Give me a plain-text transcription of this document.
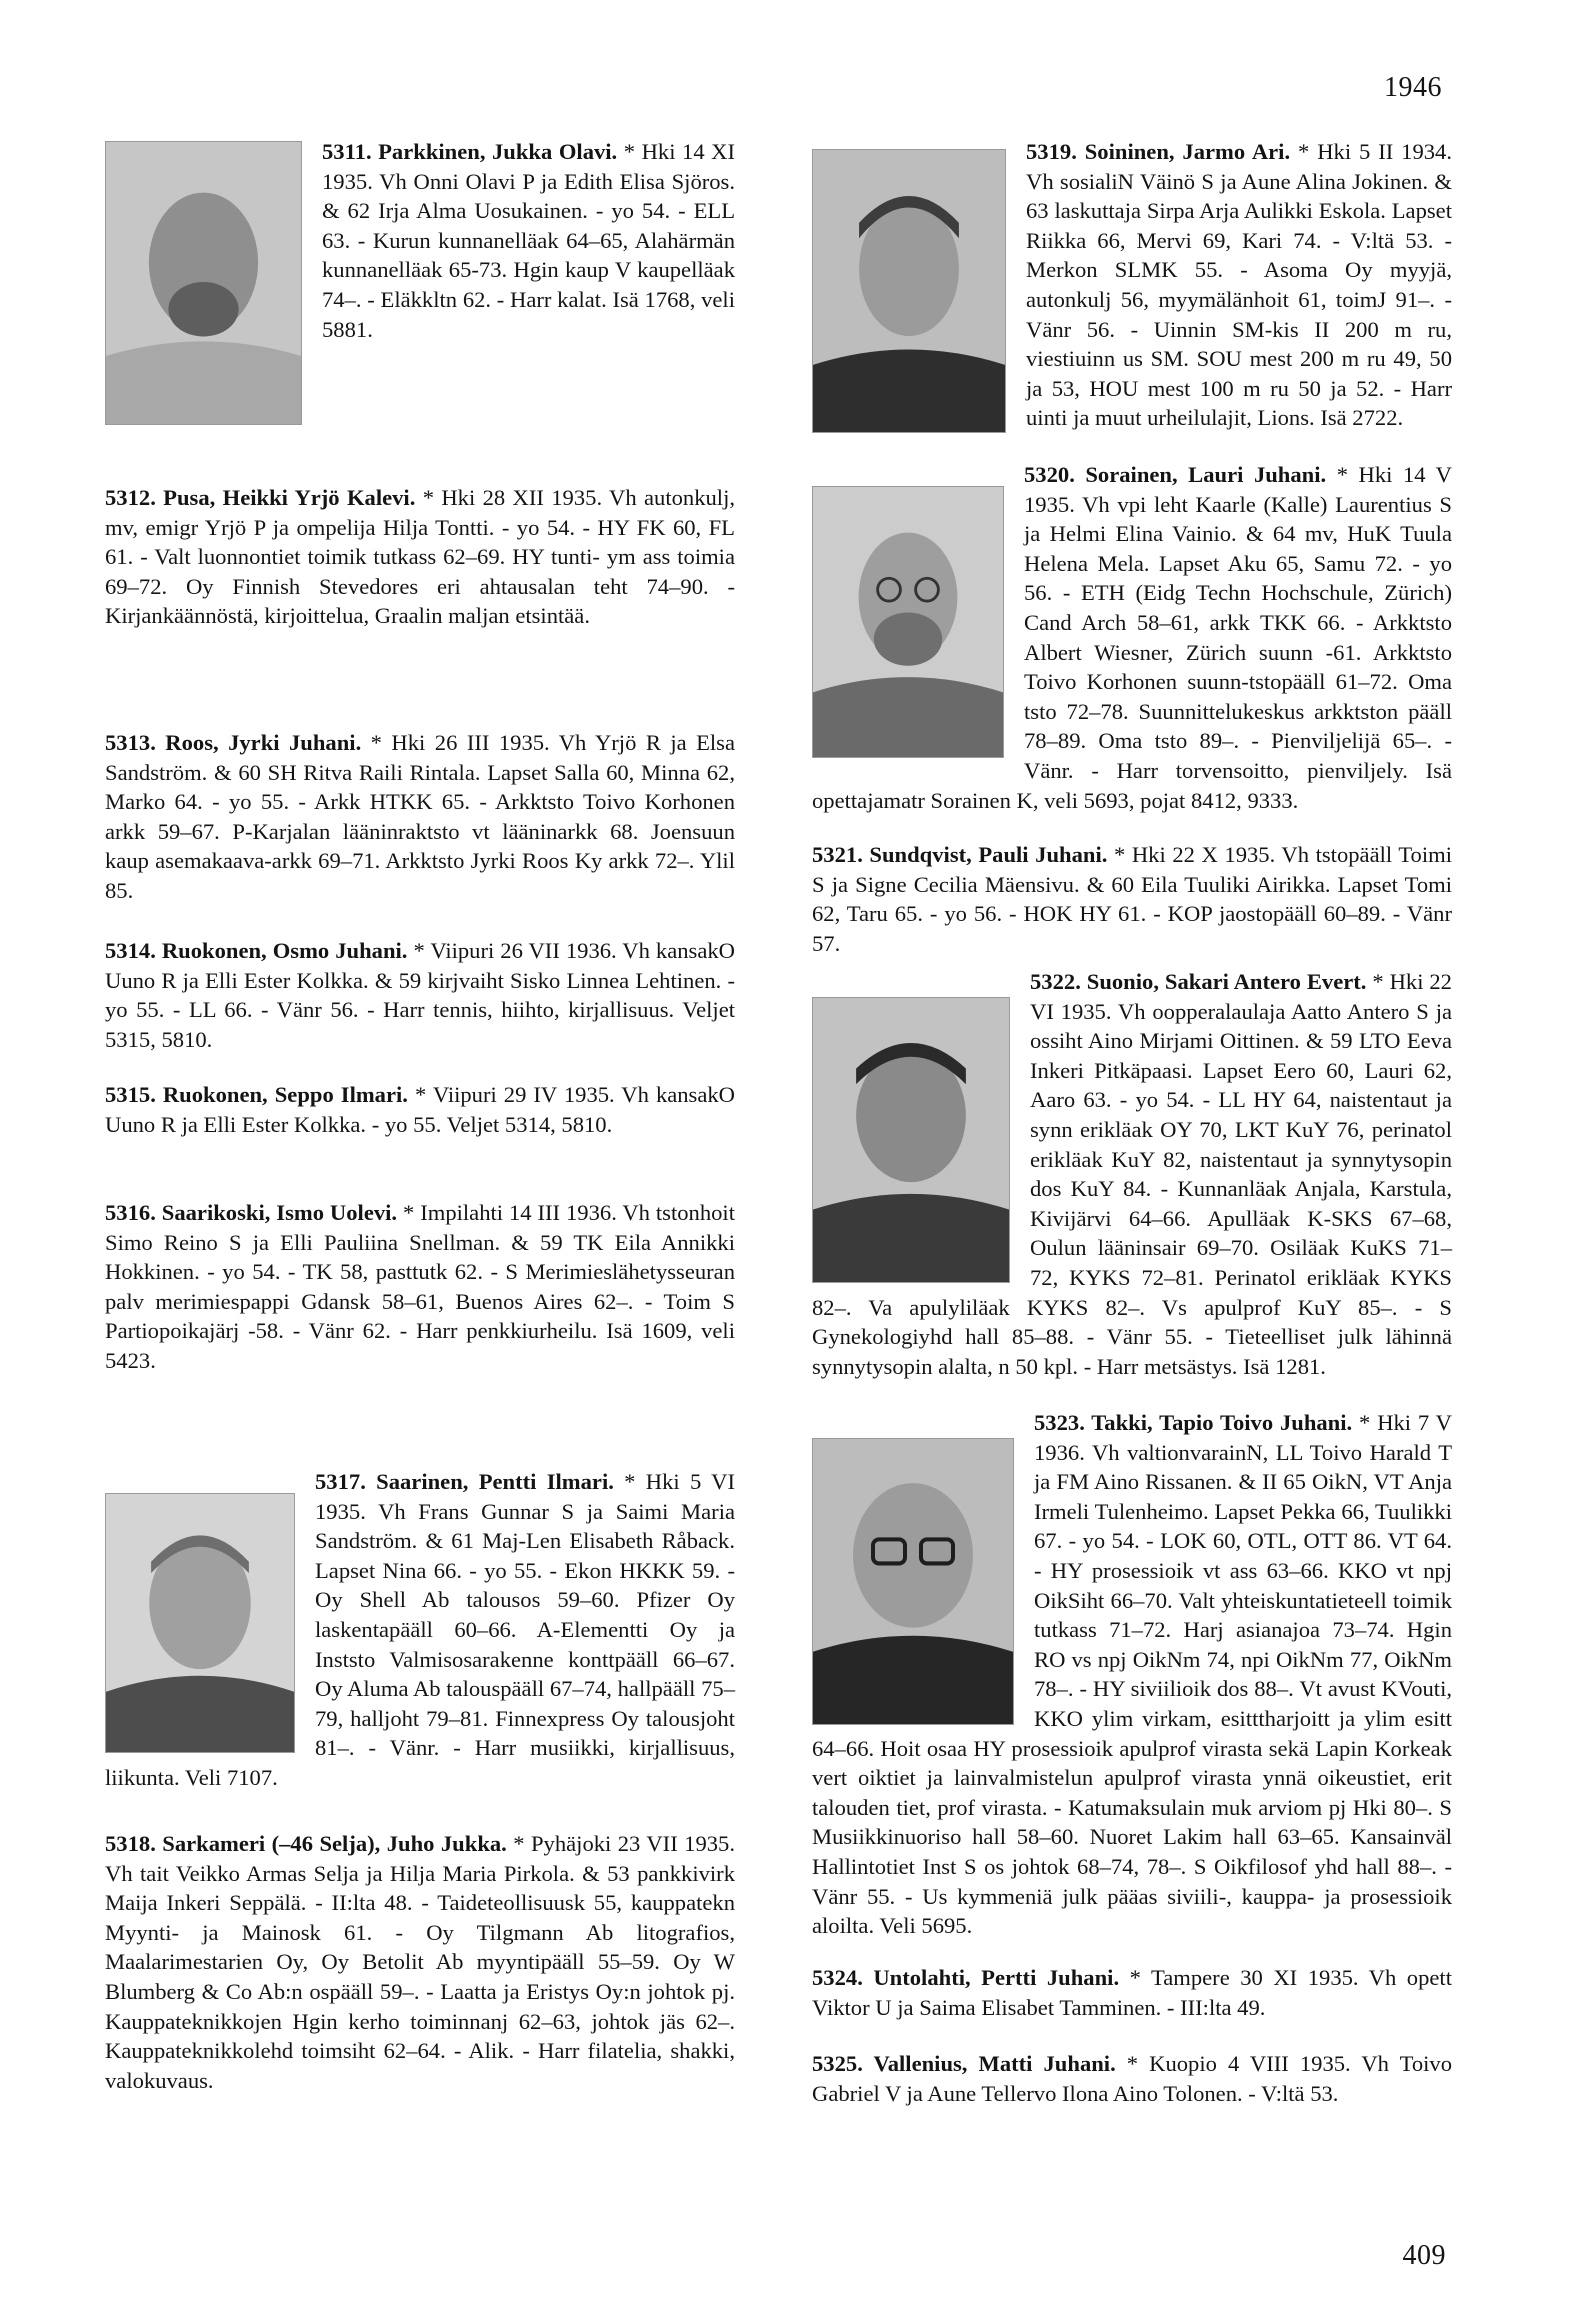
1946
5311. Parkkinen, Jukka Olavi. * Hki 14 XI 1935. Vh Onni Olavi P ja Edith Elisa Sjöros. & 62 Irja Alma Uosukainen. - yo 54. - ELL 63. - Kurun kunnanelläak 64–65, Alahärmän kunnanelläak 65-73. Hgin kaup V kaupelläak 74–. - Eläkkltn 62. - Harr kalat. Isä 1768, veli 5881.
5312. Pusa, Heikki Yrjö Kalevi. * Hki 28 XII 1935. Vh autonkulj, mv, emigr Yrjö P ja ompelija Hilja Tontti. - yo 54. - HY FK 60, FL 61. - Valt luonnontiet toimik tutkass 62–69. HY tunti- ym ass toimia 69–72. Oy Finnish Stevedores eri ahtausalan teht 74–90. - Kirjankäännöstä, kirjoittelua, Graalin maljan etsintää.
5313. Roos, Jyrki Juhani. * Hki 26 III 1935. Vh Yrjö R ja Elsa Sandström. & 60 SH Ritva Raili Rintala. Lapset Salla 60, Minna 62, Marko 64. - yo 55. - Arkk HTKK 65. - Arkktsto Toivo Korhonen arkk 59–67. P-Karjalan lääninraktsto vt lääninarkk 68. Joensuun kaup asemakaava-arkk 69–71. Arkktsto Jyrki Roos Ky arkk 72–. Ylil 85.
5314. Ruokonen, Osmo Juhani. * Viipuri 26 VII 1936. Vh kansakO Uuno R ja Elli Ester Kolkka. & 59 kirjvaiht Sisko Linnea Lehtinen. - yo 55. - LL 66. - Vänr 56. - Harr tennis, hiihto, kirjallisuus. Veljet 5315, 5810.
5315. Ruokonen, Seppo Ilmari. * Viipuri 29 IV 1935. Vh kansakO Uuno R ja Elli Ester Kolkka. - yo 55. Veljet 5314, 5810.
5316. Saarikoski, Ismo Uolevi. * Impilahti 14 III 1936. Vh tstonhoit Simo Reino S ja Elli Pauliina Snellman. & 59 TK Eila Annikki Hokkinen. - yo 54. - TK 58, pasttutk 62. - S Merimieslähetysseuran palv merimiespappi Gdansk 58–61, Buenos Aires 62–. - Toim S Partiopoikajärj -58. - Vänr 62. - Harr penkkiurheilu. Isä 1609, veli 5423.
5317. Saarinen, Pentti Ilmari. * Hki 5 VI 1935. Vh Frans Gunnar S ja Saimi Maria Sandström. & 61 Maj-Len Elisabeth Råback. Lapset Nina 66. - yo 55. - Ekon HKKK 59. - Oy Shell Ab talousos 59–60. Pfizer Oy laskentapääll 60–66. A-Elementti Oy ja Inststo Valmisosarakenne konttpääll 66–67. Oy Aluma Ab talouspääll 67–74, hallpääll 75–79, halljoht 79–81. Finnexpress Oy talousjoht 81–. - Vänr. - Harr musiikki, kirjallisuus, liikunta. Veli 7107.
5318. Sarkameri (–46 Selja), Juho Jukka. * Pyhäjoki 23 VII 1935. Vh tait Veikko Armas Selja ja Hilja Maria Pirkola. & 53 pankkivirk Maija Inkeri Seppälä. - II:lta 48. - Taideteollisuusk 55, kauppatekn Myynti- ja Mainosk 61. - Oy Tilgmann Ab litografios, Maalarimestarien Oy, Oy Betolit Ab myyntipääll 55–59. Oy W Blumberg & Co Ab:n ospääll 59–. - Laatta ja Eristys Oy:n johtok pj. Kauppateknikkojen Hgin kerho toiminnanj 62–63, johtok jäs 62–. Kauppateknikkolehd toimsiht 62–64. - Alik. - Harr filatelia, shakki, valokuvaus.
5319. Soininen, Jarmo Ari. * Hki 5 II 1934. Vh sosialiN Väinö S ja Aune Alina Jokinen. & 63 laskuttaja Sirpa Arja Aulikki Eskola. Lapset Riikka 66, Mervi 69, Kari 74. - V:ltä 53. - Merkon SLMK 55. - Asoma Oy myyjä, autonkulj 56, myymälänhoit 61, toimJ 91–. - Vänr 56. - Uinnin SM-kis II 200 m ru, viestiuinn us SM. SOU mest 200 m ru 49, 50 ja 53, HOU mest 100 m ru 50 ja 52. - Harr uinti ja muut urheilulajit, Lions. Isä 2722.
5320. Sorainen, Lauri Juhani. * Hki 14 V 1935. Vh vpi leht Kaarle (Kalle) Laurentius S ja Helmi Elina Vainio. & 64 mv, HuK Tuula Helena Mela. Lapset Aku 65, Samu 72. - yo 56. - ETH (Eidg Techn Hochschule, Zürich) Cand Arch 58–61, arkk TKK 66. - Arkktsto Albert Wiesner, Zürich suunn -61. Arkktsto Toivo Korhonen suunn-tstopääll 61–72. Oma tsto 72–78. Suunnittelukeskus arkktston pääll 78–89. Oma tsto 89–. - Pienviljelijä 65–. - Vänr. - Harr torvensoitto, pienviljely. Isä opettajamatr Sorainen K, veli 5693, pojat 8412, 9333.
5321. Sundqvist, Pauli Juhani. * Hki 22 X 1935. Vh tstopääll Toimi S ja Signe Cecilia Mäensivu. & 60 Eila Tuuliki Airikka. Lapset Tomi 62, Taru 65. - yo 56. - HOK HY 61. - KOP jaostopääll 60–89. - Vänr 57.
5322. Suonio, Sakari Antero Evert. * Hki 22 VI 1935. Vh oopperalaulaja Aatto Antero S ja ossiht Aino Mirjami Oittinen. & 59 LTO Eeva Inkeri Pitkäpaasi. Lapset Eero 60, Lauri 62, Aaro 63. - yo 54. - LL HY 64, naistentaut ja synn erikläak OY 70, LKT KuY 76, perinatol erikläak KuY 82, naistentaut ja synnytysopin dos KuY 84. - Kunnanläak Anjala, Karstula, Kivijärvi 64–66. Apulläak K-SKS 67–68, Oulun lääninsair 69–70. Osiläak KuKS 71–72, KYKS 72–81. Perinatol erikläak KYKS 82–. Va apulyliläak KYKS 82–. Vs apulprof KuY 85–. - S Gynekologiyhd hall 85–88. - Vänr 55. - Tieteelliset julk lähinnä synnytysopin alalta, n 50 kpl. - Harr metsästys. Isä 1281.
5323. Takki, Tapio Toivo Juhani. * Hki 7 V 1936. Vh valtionvarainN, LL Toivo Harald T ja FM Aino Rissanen. & II 65 OikN, VT Anja Irmeli Tulenheimo. Lapset Pekka 66, Tuulikki 67. - yo 54. - LOK 60, OTL, OTT 86. VT 64. - HY prosessioik vt ass 63–66. KKO vt npj OikSiht 66–70. Valt yhteiskuntatieteell toimik tutkass 71–72. Harj asianajoa 73–74. Hgin RO vs npj OikNm 74, npi OikNm 77, OikNm 78–. - HY siviilioik dos 88–. Vt avust KVouti, KKO ylim virkam, esitttharjoitt ja ylim esitt 64–66. Hoit osaa HY prosessioik apulprof virasta sekä Lapin Korkeak vert oiktiet ja lainvalmistelun apulprof virasta ynnä oikeustiet, erit talouden tiet, prof virasta. - Katumaksulain muk arviom pj Hki 80–. S Musiikkinuoriso hall 58–60. Nuoret Lakim hall 63–65. Kansainväl Hallintotiet Inst S os johtok 68–74, 78–. S Oikfilosof yhd hall 88–. - Vänr 55. - Us kymmeniä julk pääas siviili-, kauppa- ja prosessioik aloilta. Veli 5695.
5324. Untolahti, Pertti Juhani. * Tampere 30 XI 1935. Vh opett Viktor U ja Saima Elisabet Tamminen. - III:lta 49.
5325. Vallenius, Matti Juhani. * Kuopio 4 VIII 1935. Vh Toivo Gabriel V ja Aune Tellervo Ilona Aino Tolonen. - V:ltä 53.
409
